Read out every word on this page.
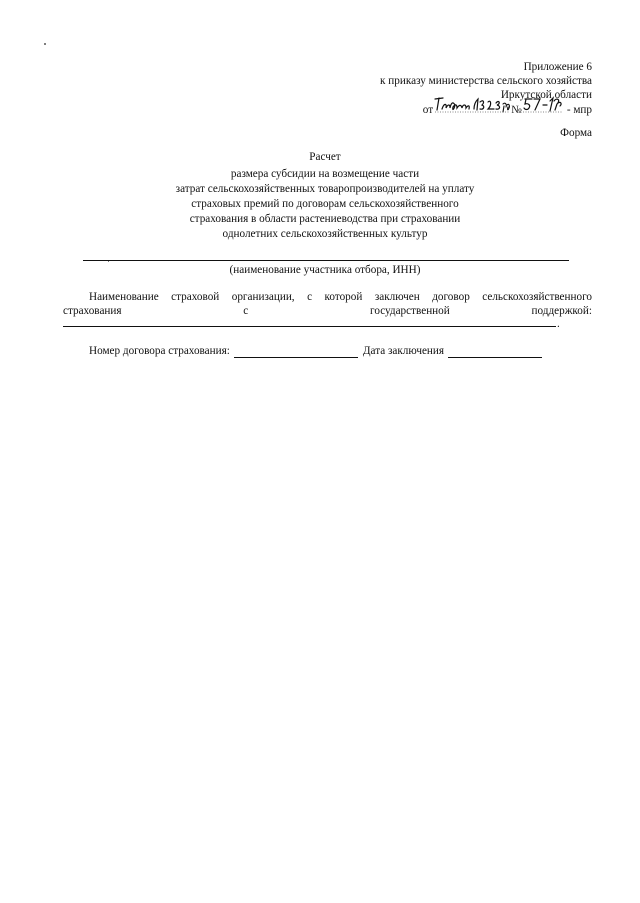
Приложение 6
к приказу министерства сельского хозяйства
Иркутской области
от	№	- мпр
Форма
Расчет
размера субсидии на возмещение части
затрат сельскохозяйственных товаропроизводителей на уплату
страховых премий по договорам сельскохозяйственного
страхования в области растениеводства при страховании
однолетних сельскохозяйственных культур
(наименование участника отбора, ИНН)
Наименование страховой организации, с которой заключен договор сельскохозяйственного
страхования	с	государственной	поддержкой:
.
Номер договора страхования:	Дата заключения
